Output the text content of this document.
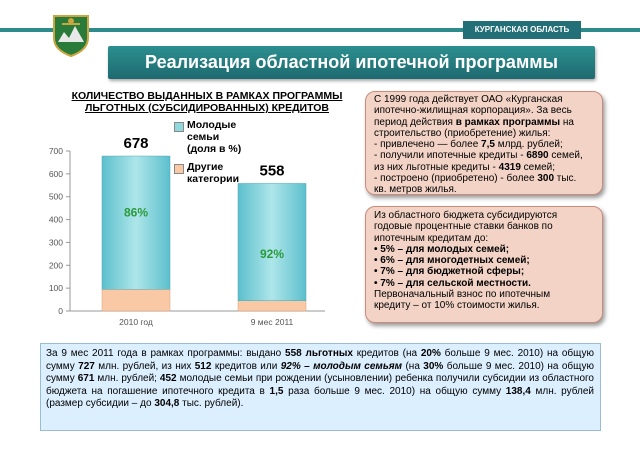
КУРГАНСКАЯ ОБЛАСТЬ
Реализация областной ипотечной программы
КОЛИЧЕСТВО ВЫДАННЫХ В РАМКАХ ПРОГРАММЫ
ЛЬГОТНЫХ (СУБСИДИРОВАННЫХ) КРЕДИТОВ
0
100
200
300
400
500
600
700
86%
678
2010 год
92%
558
9 мес 2011
Молодые
семьи
(доля в %)
Другие
категории
С 1999 года действует ОАО «Курганская
ипотечно-жилищная корпорация». За весь
период действия в рамках программы на
строительство (приобретение) жилья:
- привлечено — более 7,5 млрд. рублей;
- получили ипотечные кредиты - 6890 семей,
из них льготные кредиты - 4319 семей;
- построено (приобретено) - более 300 тыс.
кв. метров жилья.
Из областного бюджета субсидируются
годовые процентные ставки банков по
ипотечным кредитам до:
• 5% – для молодых семей;
• 6% – для многодетных семей;
• 7% – для бюджетной сферы;
• 7% – для сельской местности.
Первоначальный взнос по ипотечным
кредиту – от 10% стоимости жилья.
За 9 мес 2011 года в рамках программы: выдано 558 льготных кредитов (на 20% больше 9 мес. 2010) на общую сумму 727 млн. рублей, из них 512 кредитов или 92% – молодым семьям (на 30% больше 9 мес. 2010) на общую сумму 671 млн. рублей; 452 молодые семьи при рождении (усыновлении) ребенка получили субсидии из областного бюджета на погашение ипотечного кредита в 1,5 раза больше 9 мес. 2010) на общую сумму 138,4 млн. рублей (размер субсидии – до 304,8 тыс. рублей).
